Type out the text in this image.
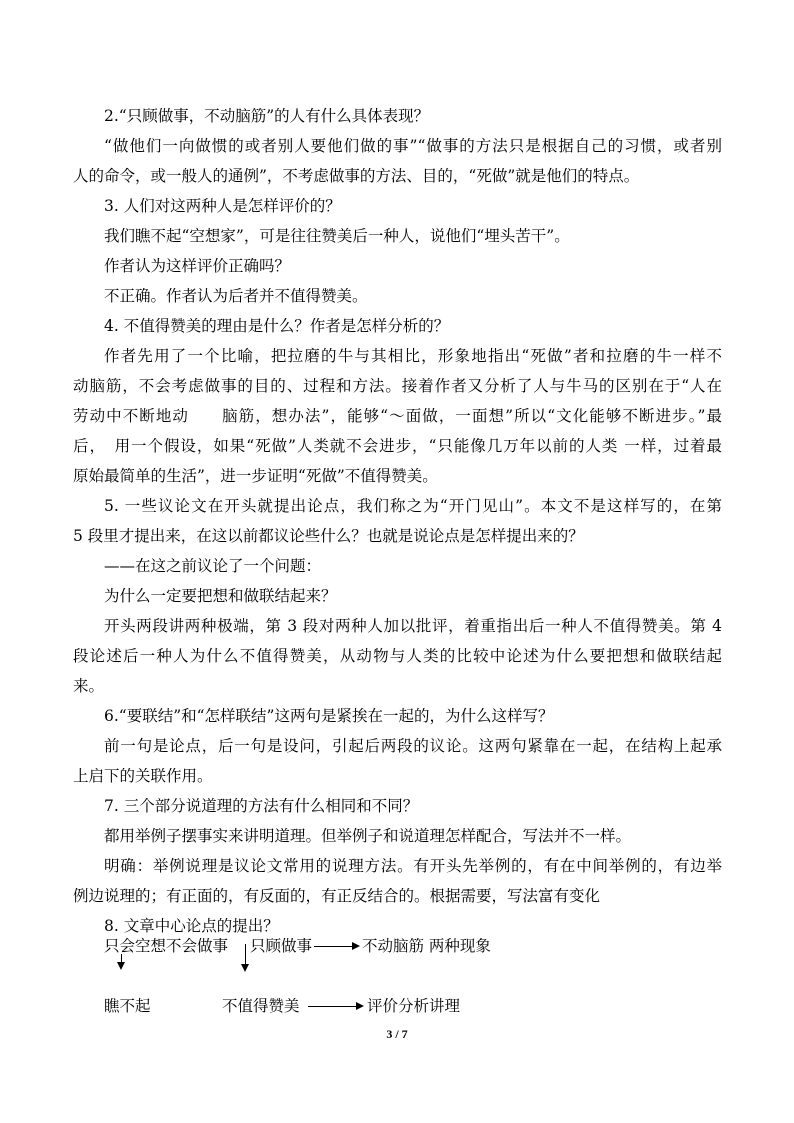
2.“只顾做事，不动脑筋”的人有什么具体表现？
“做他们一向做惯的或者别人要他们做的事”“做事的方法只是根据自己的习惯，或者别
人的命令，或一般人的通例”，不考虑做事的方法、目的，“死做”就是他们的特点。
3. 人们对这两种人是怎样评价的？
我们瞧不起“空想家”，可是往往赞美后一种人，说他们“埋头苦干”。
作者认为这样评价正确吗？
不正确。作者认为后者并不值得赞美。
4. 不值得赞美的理由是什么？作者是怎样分析的？
作者先用了一个比喻，把拉磨的牛与其相比，形象地指出“死做”者和拉磨的牛一样不
动脑筋，不会考虑做事的目的、过程和方法。接着作者又分析了人与牛马的区别在于“人在
劳动中不断地动　　脑筋，想办法”，能够“～面做，一面想”所以“文化能够不断进步。”最
后，　用一个假设，如果“死做”人类就不会进步，“只能像几万年以前的人类 一样，过着最
原始最简单的生活”，进一步证明“死做”不值得赞美。
5. 一些议论文在开头就提出论点，我们称之为“开门见山”。本文不是这样写的，在第
5 段里才提出来，在这以前都议论些什么？也就是说论点是怎样提出来的？
——在这之前议论了一个问题：
为什么一定要把想和做联结起来？
开头两段讲两种极端，第 3 段对两种人加以批评，着重指出后一种人不值得赞美。第 4
段论述后一种人为什么不值得赞美，从动物与人类的比较中论述为什么要把想和做联结起
来。
6.“要联结”和“怎样联结”这两句是紧挨在一起的，为什么这样写？
前一句是论点，后一句是设问，引起后两段的议论。这两句紧靠在一起，在结构上起承
上启下的关联作用。
7. 三个部分说道理的方法有什么相同和不同？
都用举例子摆事实来讲明道理。但举例子和说道理怎样配合，写法并不一样。
明确：举例说理是议论文常用的说理方法。有开头先举例的，有在中间举例的，有边举
例边说理的；有正面的，有反面的，有正反结合的。根据需要，写法富有变化
8. 文章中心论点的提出？
只会空想不会做事 只顾做事	不动脑筋 两种现象
瞧不起	不值得赞美	评价分析讲理
3 / 7
